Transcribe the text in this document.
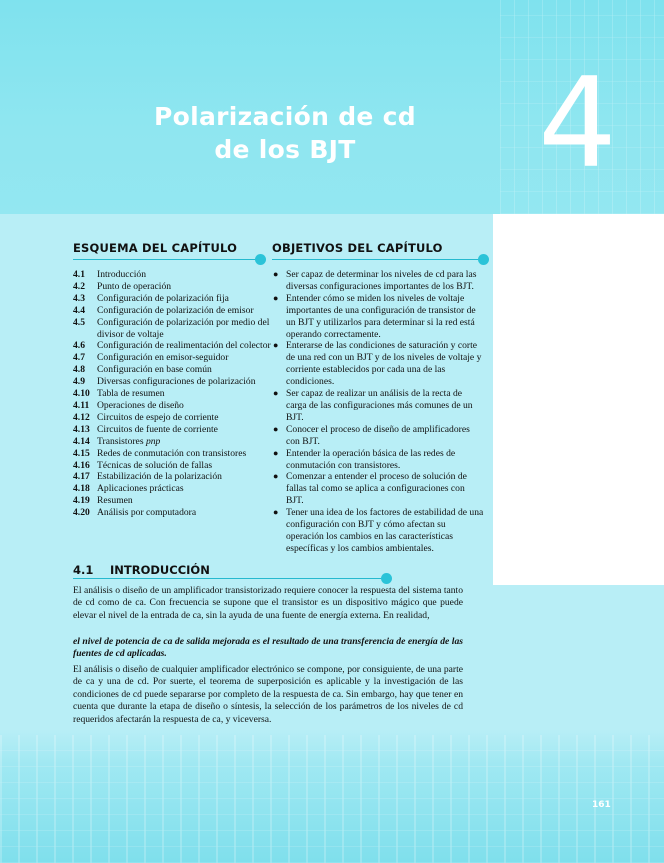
Polarización de cd
de los BJT	4
ESQUEMA DEL CAPÍTULO	OBJETIVOS DEL CAPÍTULO
4.1	Introducción
4.2	Punto de operación
4.3	Configuración de polarización fija
4.4	Configuración de polarización de emisor
4.5	Configuración de polarización por medio del divisor de voltaje
4.6	Configuración de realimentación del colector
4.7	Configuración en emisor-seguidor
4.8	Configuración en base común
4.9	Diversas configuraciones de polarización
4.10 Tabla de resumen
4.11 Operaciones de diseño
4.12 Circuitos de espejo de corriente
4.13 Circuitos de fuente de corriente
4.14 Transistores pnp
4.15 Redes de conmutación con transistores
4.16 Técnicas de solución de fallas
4.17 Estabilización de la polarización
4.18 Aplicaciones prácticas
4.19 Resumen
4.20 Análisis por computadora
● Ser capaz de determinar los niveles de cd para las diversas configuraciones importantes de los BJT.
● Entender cómo se miden los niveles de voltaje importantes de una configuración de transistor de un BJT y utilizarlos para determinar si la red está operando correctamente.
● Enterarse de las condiciones de saturación y corte de una red con un BJT y de los niveles de voltaje y corriente establecidos por cada una de las condiciones.
● Ser capaz de realizar un análisis de la recta de carga de las configuraciones más comunes de un BJT.
● Conocer el proceso de diseño de amplificadores con BJT.
● Entender la operación básica de las redes de conmutación con transistores.
● Comenzar a entender el proceso de solución de fallas tal como se aplica a configuraciones con BJT.
● Tener una idea de los factores de estabilidad de una configuración con BJT y cómo afectan su operación los cambios en las características específicas y los cambios ambientales.
4.1 INTRODUCCIÓN

El análisis o diseño de un amplificador transistorizado requiere conocer la respuesta del sistema tanto de cd como de ca. Con frecuencia se supone que el transistor es un dispositivo mágico que puede elevar el nivel de la entrada de ca, sin la ayuda de una fuente de energía externa. En realidad,

el nivel de potencia de ca de salida mejorada es el resultado de una transferencia de energía de las fuentes de cd aplicadas.

El análisis o diseño de cualquier amplificador electrónico se compone, por consiguiente, de una parte de ca y una de cd. Por suerte, el teorema de superposición es aplicable y la investigación de las condiciones de cd puede separarse por completo de la respuesta de ca. Sin embargo, hay que tener en cuenta que durante la etapa de diseño o síntesis, la selección de los parámetros de los niveles de cd requeridos afectarán la respuesta de ca, y viceversa.

161
